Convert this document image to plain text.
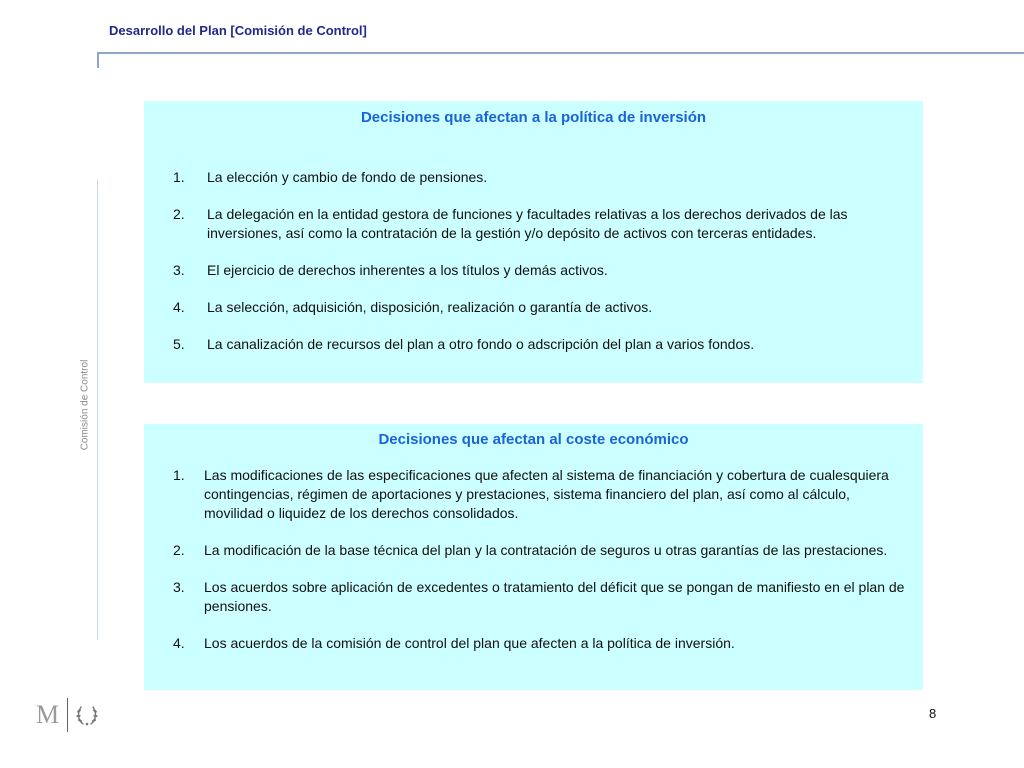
Desarrollo del Plan [Comisión de Control]
Comisión de Control
Decisiones que afectan a la política de inversión
1. La elección y cambio de fondo de pensiones.
2. La delegación en la entidad gestora de funciones y facultades relativas a los derechos derivados de las inversiones, así como la contratación de la gestión y/o depósito de activos con terceras entidades.
3. El ejercicio de derechos inherentes a los títulos y demás activos.
4. La selección, adquisición, disposición, realización o garantía de activos.
5. La canalización de recursos del plan a otro fondo o adscripción del plan a varios fondos.
Decisiones que afectan al coste económico
1. Las modificaciones de las especificaciones que afecten al sistema de financiación y cobertura de cualesquiera contingencias, régimen de aportaciones y prestaciones, sistema financiero del plan, así como al cálculo, movilidad o liquidez de los derechos consolidados.
2. La modificación de la base técnica del plan y la contratación de seguros u otras garantías de las prestaciones.
3. Los acuerdos sobre aplicación de excedentes o tratamiento del déficit que se pongan de manifiesto en el plan de pensiones.
4. Los acuerdos de la comisión de control del plan que afecten a la política de inversión.
M	8
